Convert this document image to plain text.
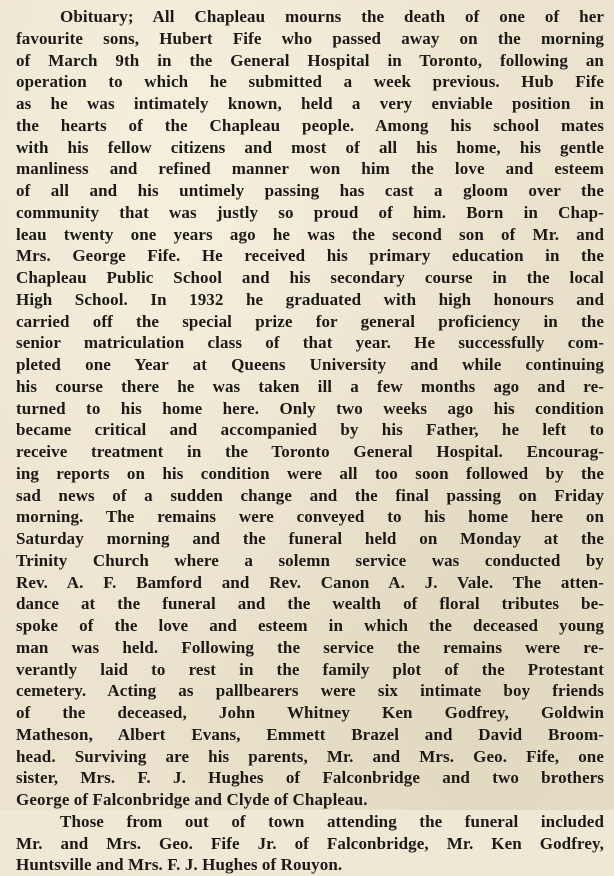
Obituary; All Chapleau mourns the death of one of her
favourite sons, Hubert Fife who passed away on the morning
of March 9th in the General Hospital in Toronto, following an
operation to which he submitted a week previous. Hub Fife
as he was intimately known, held a very enviable position in
the hearts of the Chapleau people. Among his school mates
with his fellow citizens and most of all his home, his gentle
manliness and refined manner won him the love and esteem
of all and his untimely passing has cast a gloom over the
community that was justly so proud of him. Born in Chap-
leau twenty one years ago he was the second son of Mr. and
Mrs. George Fife. He received his primary education in the
Chapleau Public School and his secondary course in the local
High School. In 1932 he graduated with high honours and
carried off the special prize for general proficiency in the
senior matriculation class of that year. He successfully com-
pleted one Year at Queens University and while continuing
his course there he was taken ill a few months ago and re-
turned to his home here. Only two weeks ago his condition
became critical and accompanied by his Father, he left to
receive treatment in the Toronto General Hospital. Encourag-
ing reports on his condition were all too soon followed by the
sad news of a sudden change and the final passing on Friday
morning. The remains were conveyed to his home here on
Saturday morning and the funeral held on Monday at the
Trinity Church where a solemn service was conducted by
Rev. A. F. Bamford and Rev. Canon A. J. Vale. The atten-
dance at the funeral and the wealth of floral tributes be-
spoke of the love and esteem in which the deceased young
man was held. Following the service the remains were re-
verantly laid to rest in the family plot of the Protestant
cemetery. Acting as pallbearers were six intimate boy friends
of the deceased, John Whitney Ken Godfrey, Goldwin
Matheson, Albert Evans, Emmett Brazel and David Broom-
head. Surviving are his parents, Mr. and Mrs. Geo. Fife, one
sister, Mrs. F. J. Hughes of Falconbridge and two brothers
George of Falconbridge and Clyde of Chapleau.
Those from out of town attending the funeral included
Mr. and Mrs. Geo. Fife Jr. of Falconbridge, Mr. Ken Godfrey,
Huntsville and Mrs. F. J. Hughes of Rouyon.
